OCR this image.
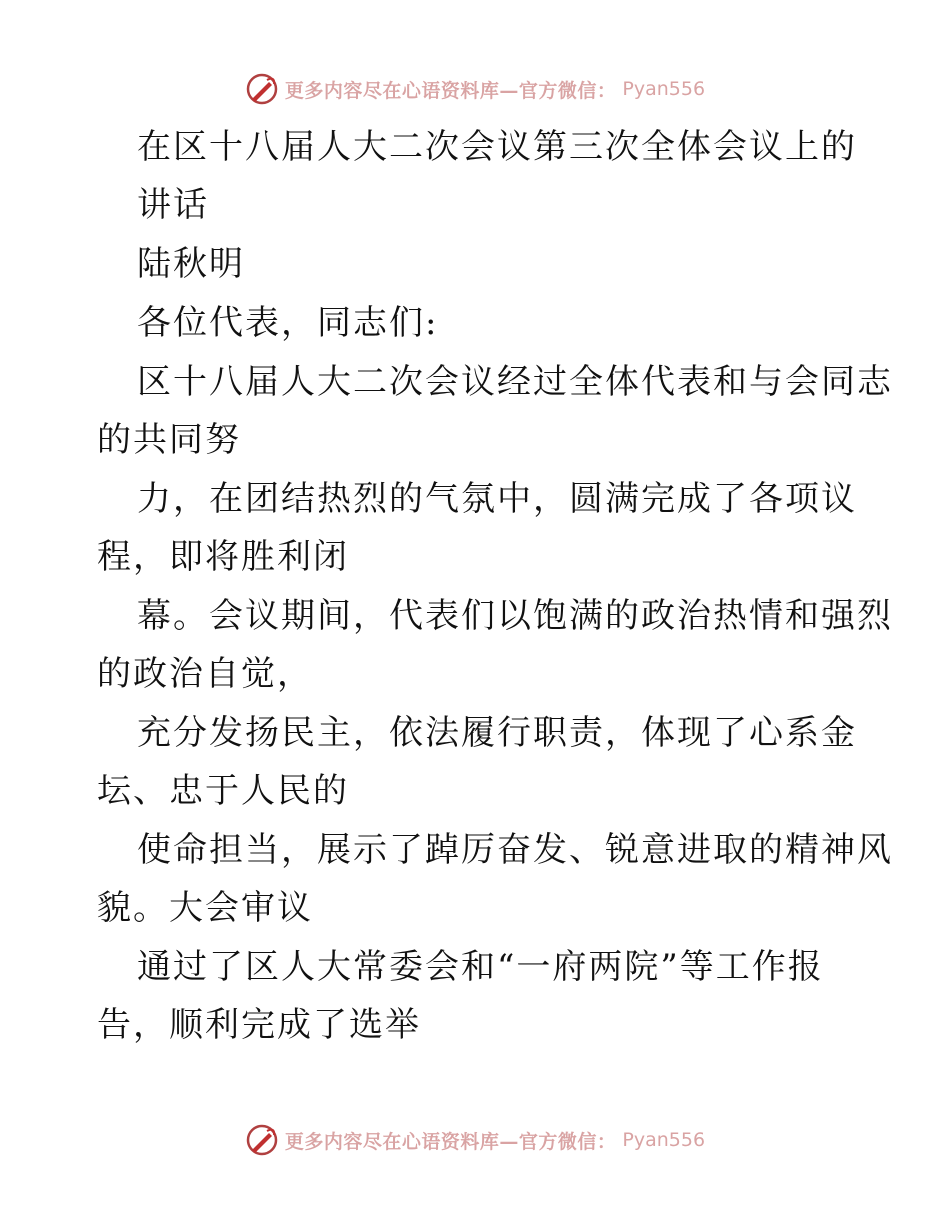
更多内容尽在心语资料库—官方微信： Pyan556
在区十八届人大二次会议第三次全体会议上的
讲话
陆秋明
各位代表，同志们:
区十八届人大二次会议经过全体代表和与会同志
的共同努
力，在团结热烈的气氛中，圆满完成了各项议
程，即将胜利闭
幕。会议期间，代表们以饱满的政治热情和强烈
的政治自觉，
充分发扬民主，依法履行职责，体现了心系金
坛、忠于人民的
使命担当，展示了踔厉奋发、锐意进取的精神风
貌。大会审议
通过了区人大常委会和“一府两院”等工作报
告，顺利完成了选举
更多内容尽在心语资料库—官方微信： Pyan556
